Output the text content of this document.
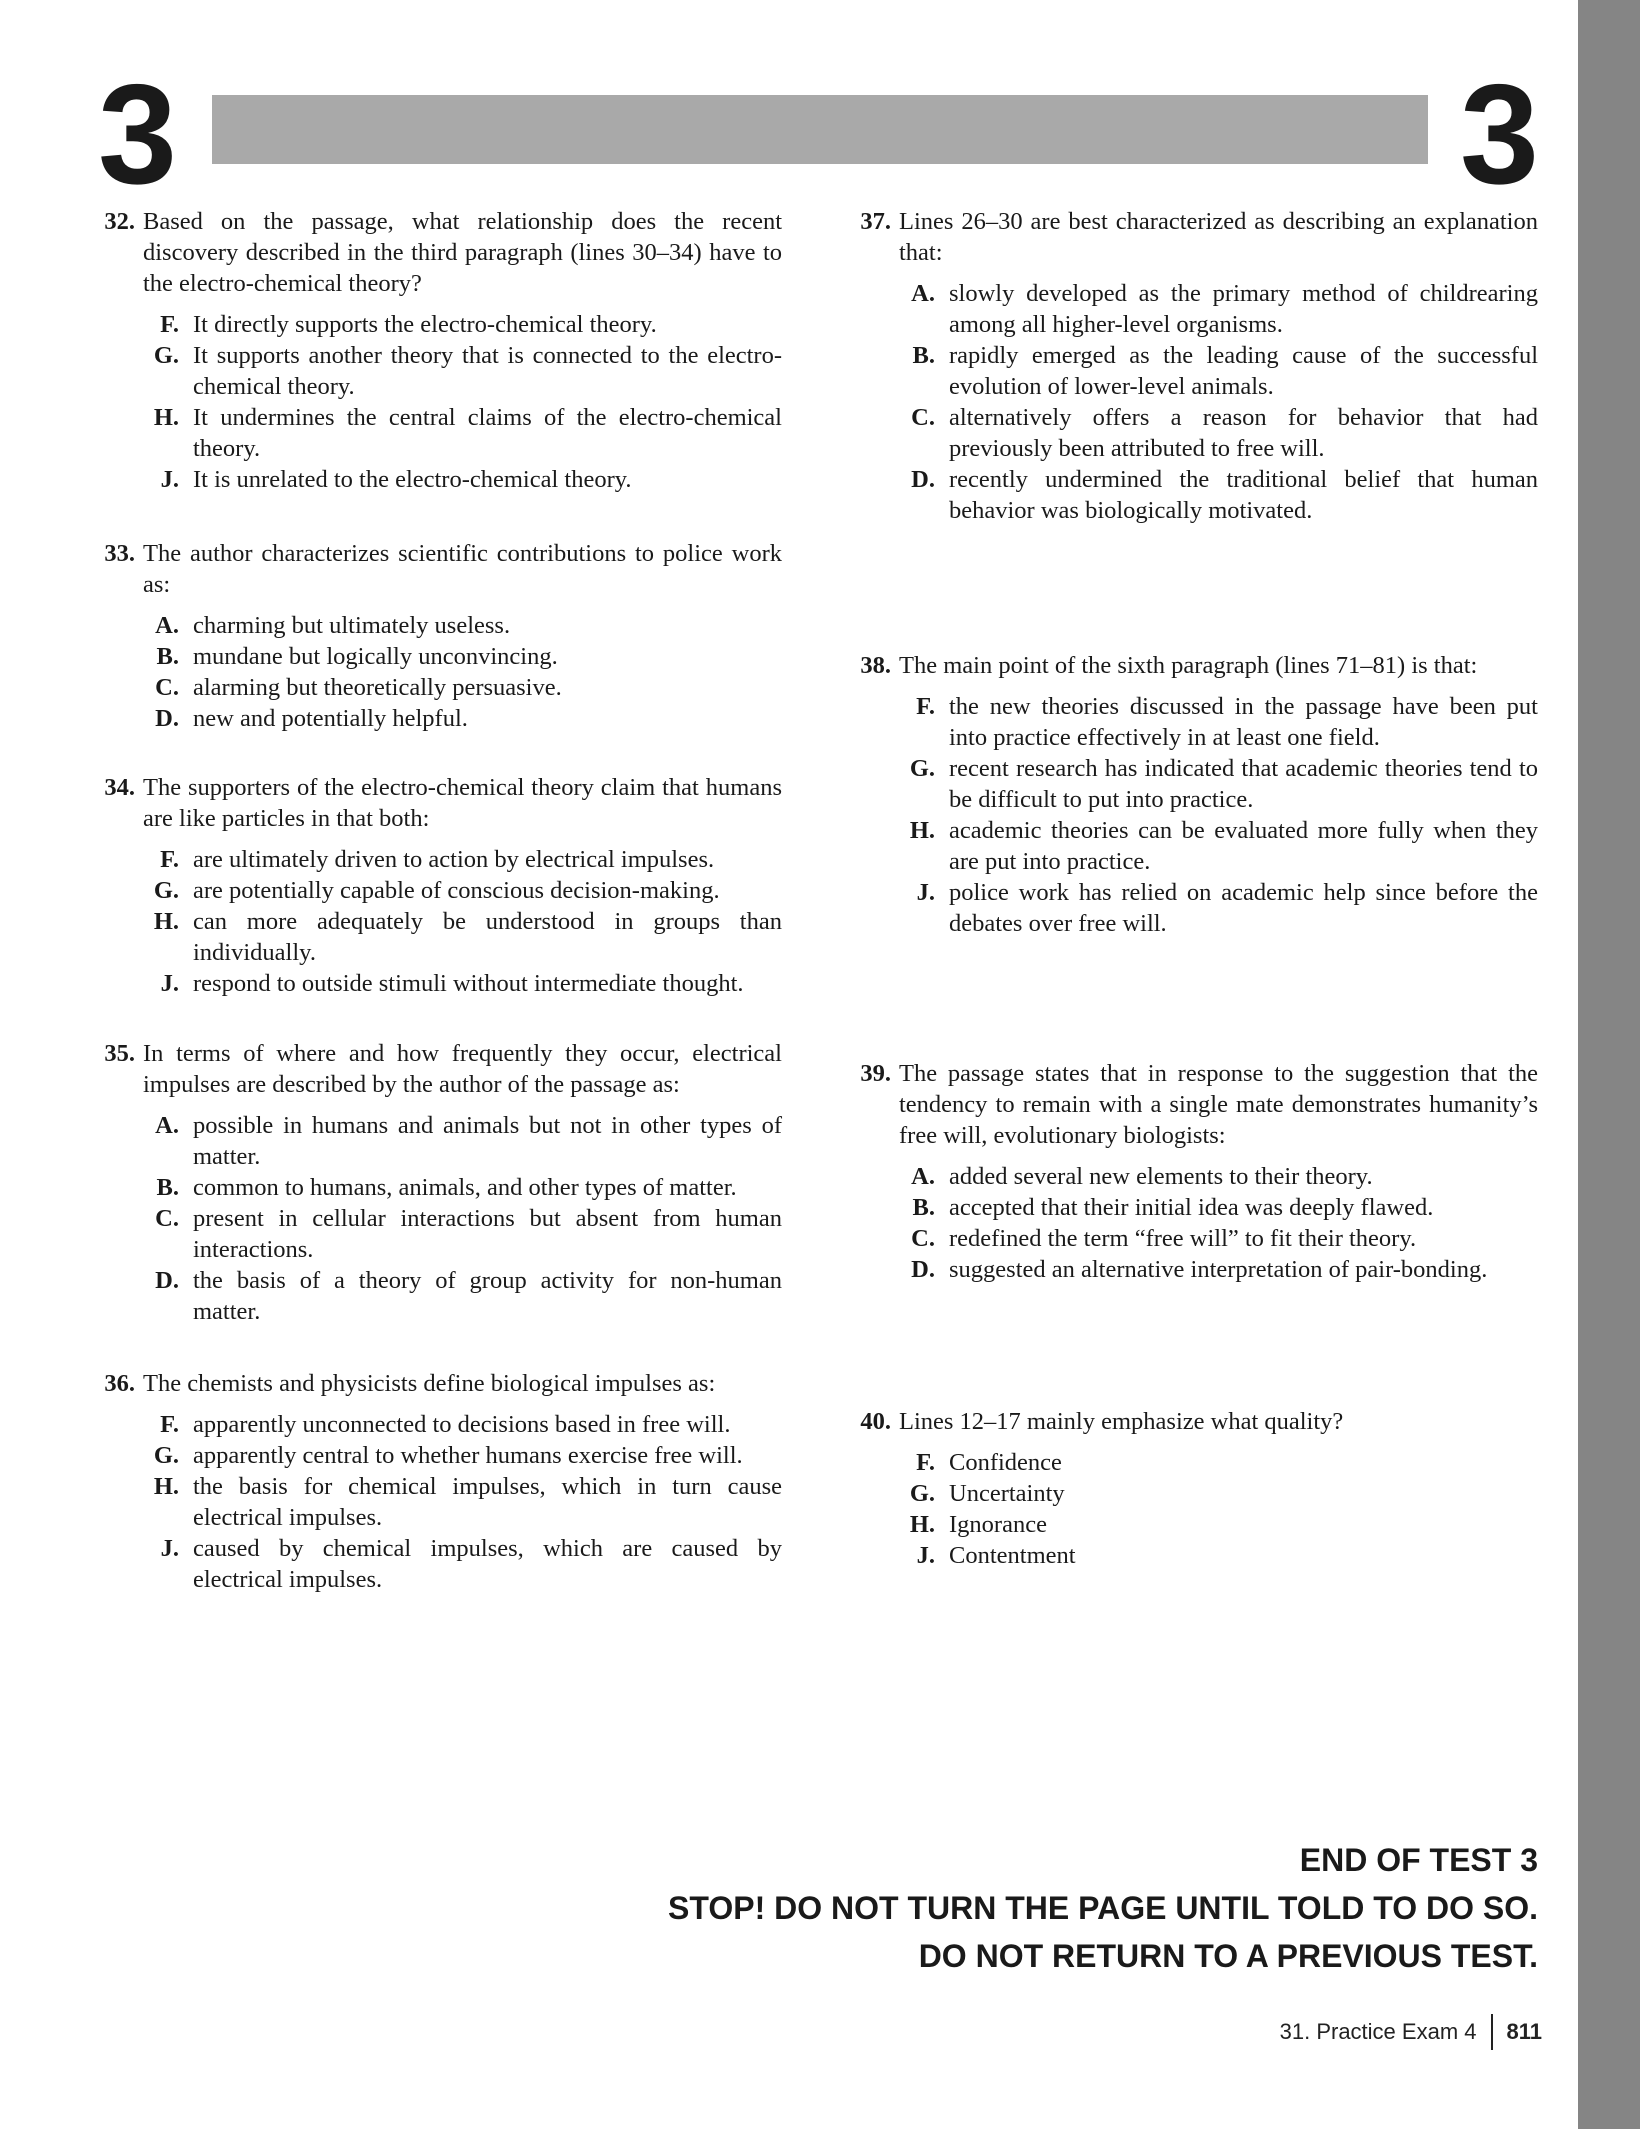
3	3
32. Based on the passage, what relationship does the recent discovery described in the third paragraph (lines 30–34) have to the electro-chemical theory?
F. It directly supports the electro-chemical theory.
G. It supports another theory that is connected to the electro-chemical theory.
H. It undermines the central claims of the electro-chemical theory.
J. It is unrelated to the electro-chemical theory.
33. The author characterizes scientific contributions to police work as:
A. charming but ultimately useless.
B. mundane but logically unconvincing.
C. alarming but theoretically persuasive.
D. new and potentially helpful.
34. The supporters of the electro-chemical theory claim that humans are like particles in that both:
F. are ultimately driven to action by electrical impulses.
G. are potentially capable of conscious decision-making.
H. can more adequately be understood in groups than individually.
J. respond to outside stimuli without intermediate thought.
35. In terms of where and how frequently they occur, electrical impulses are described by the author of the passage as:
A. possible in humans and animals but not in other types of matter.
B. common to humans, animals, and other types of matter.
C. present in cellular interactions but absent from human interactions.
D. the basis of a theory of group activity for non-human matter.
36. The chemists and physicists define biological impulses as:
F. apparently unconnected to decisions based in free will.
G. apparently central to whether humans exercise free will.
H. the basis for chemical impulses, which in turn cause electrical impulses.
J. caused by chemical impulses, which are caused by electrical impulses.
37. Lines 26–30 are best characterized as describing an explanation that:
A. slowly developed as the primary method of childrearing among all higher-level organisms.
B. rapidly emerged as the leading cause of the successful evolution of lower-level animals.
C. alternatively offers a reason for behavior that had previously been attributed to free will.
D. recently undermined the traditional belief that human behavior was biologically motivated.
38. The main point of the sixth paragraph (lines 71–81) is that:
F. the new theories discussed in the passage have been put into practice effectively in at least one field.
G. recent research has indicated that academic theories tend to be difficult to put into practice.
H. academic theories can be evaluated more fully when they are put into practice.
J. police work has relied on academic help since before the debates over free will.
39. The passage states that in response to the suggestion that the tendency to remain with a single mate demonstrates humanity’s free will, evolutionary biologists:
A. added several new elements to their theory.
B. accepted that their initial idea was deeply flawed.
C. redefined the term “free will” to fit their theory.
D. suggested an alternative interpretation of pair-bonding.
40. Lines 12–17 mainly emphasize what quality?
F. Confidence
G. Uncertainty
H. Ignorance
J. Contentment
END OF TEST 3
STOP! DO NOT TURN THE PAGE UNTIL TOLD TO DO SO.
DO NOT RETURN TO A PREVIOUS TEST.
31. Practice Exam 4 811
